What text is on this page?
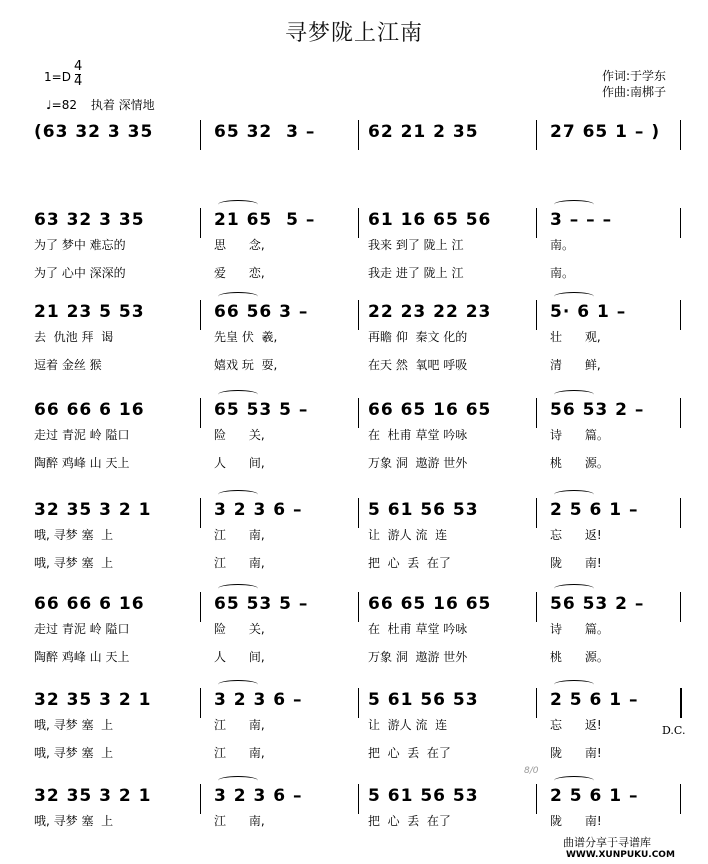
寻梦陇上江南
1=D
4
4
♩=82 执着 深情地
作词:于学东
作曲:南梆子
(63 32 3 35	65 32  3 –	62 21 2 35	27 65 1 – )
63 32 3 35	21 65  5 –	61 16 65 56	3 – – –
为了 梦中 难忘的	思      念,	我来 到了 陇上 江	南。
为了 心中 深深的	爱      恋,	我走 进了 陇上 江	南。
21 23 5 53	66 56 3 –	22 23 22 23	5· 6 1 –
去  仇池 拜  谒	先皇 伏  羲,	再瞻 仰  秦文 化的	壮      观,
逗着 金丝 猴	嬉戏 玩  耍,	在天 然  氧吧 呼吸	清      鲜,
66 66 6 16	65 53 5 –	66 65 16 65	56 53 2 –
走过 青泥 岭 隘口	险      关,	在  杜甫 草堂 吟咏	诗      篇。
陶醉 鸡峰 山 天上	人      间,	万象 洞  遨游 世外	桃      源。
32 35 3 2 1	3 2 3 6 –	5 61 56 53	2 5 6 1 –
哦, 寻梦 塞  上	江      南,	让  游人 流  连	忘      返!
哦, 寻梦 塞  上	江      南,	把  心  丢  在了	陇      南!
66 66 6 16	65 53 5 –	66 65 16 65	56 53 2 –
走过 青泥 岭 隘口	险      关,	在  杜甫 草堂 吟咏	诗      篇。
陶醉 鸡峰 山 天上	人      间,	万象 洞  遨游 世外	桃      源。
32 35 3 2 1	3 2 3 6 –	5 61 56 53	2 5 6 1 –
哦, 寻梦 塞  上	江      南,	让  游人 流  连	忘      返!
哦, 寻梦 塞  上	江      南,	把  心  丢  在了	陇      南!
32 35 3 2 1	3 2 3 6 –	5 61 56 53	2 5 6 1 –
哦, 寻梦 塞  上	江      南,	把  心  丢  在了	陇      南!
D.C.
8/0
曲谱分享于寻谱库
WWW.XUNPUKU.COM
